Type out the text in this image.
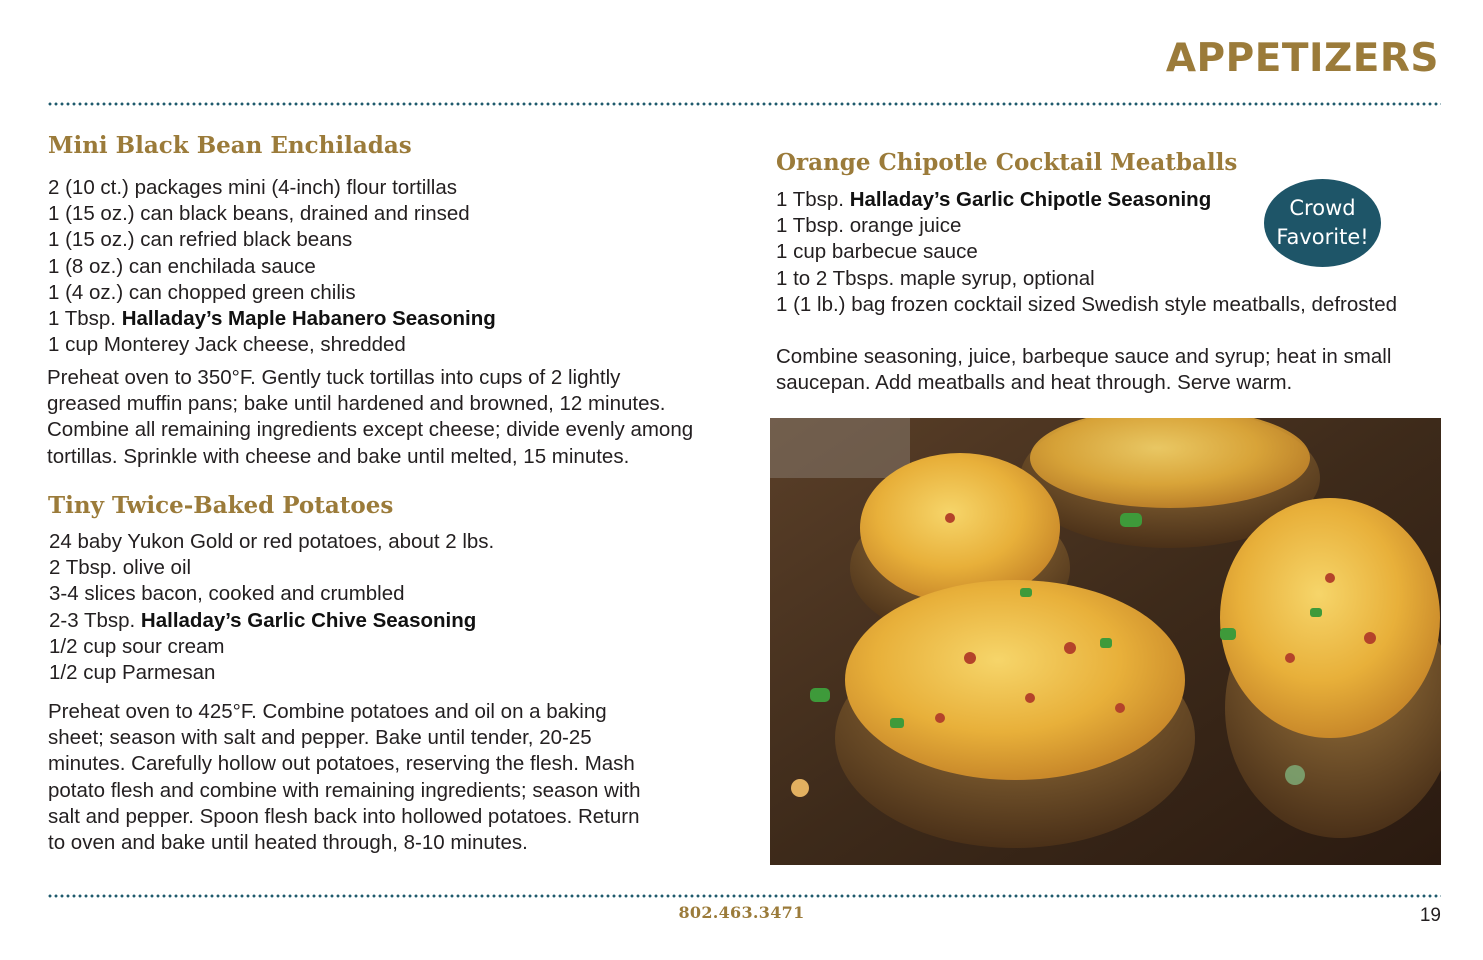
APPETIZERS
Mini Black Bean Enchiladas
2 (10 ct.) packages mini (4-inch) flour tortillas
1 (15 oz.) can black beans, drained and rinsed
1 (15 oz.) can refried black beans
1 (8 oz.) can enchilada sauce
1 (4 oz.) can chopped green chilis
1 Tbsp. Halladay’s Maple Habanero Seasoning
1 cup Monterey Jack cheese, shredded
Preheat oven to 350°F. Gently tuck tortillas into cups of 2 lightly
greased muffin pans; bake until hardened and browned, 12 minutes.
Combine all remaining ingredients except cheese; divide evenly among
tortillas. Sprinkle with cheese and bake until melted, 15 minutes.
Tiny Twice-Baked Potatoes
24 baby Yukon Gold or red potatoes, about 2 lbs.
2 Tbsp. olive oil
3-4 slices bacon, cooked and crumbled
2-3 Tbsp. Halladay’s Garlic Chive Seasoning
1/2 cup sour cream
1/2 cup Parmesan
Preheat oven to 425°F. Combine potatoes and oil on a baking
sheet; season with salt and pepper. Bake until tender, 20-25
minutes. Carefully hollow out potatoes, reserving the flesh. Mash
potato flesh and combine with remaining ingredients; season with
salt and pepper. Spoon flesh back into hollowed potatoes. Return
to oven and bake until heated through, 8-10 minutes.
Orange Chipotle Cocktail Meatballs
1 Tbsp. Halladay’s Garlic Chipotle Seasoning
1 Tbsp. orange juice
1 cup barbecue sauce
1 to 2 Tbsps. maple syrup, optional
1 (1 lb.) bag frozen cocktail sized Swedish style meatballs, defrosted
Combine seasoning, juice, barbeque sauce and syrup; heat in small
saucepan. Add meatballs and heat through. Serve warm.
Crowd
Favorite!
802.463.3471	19
